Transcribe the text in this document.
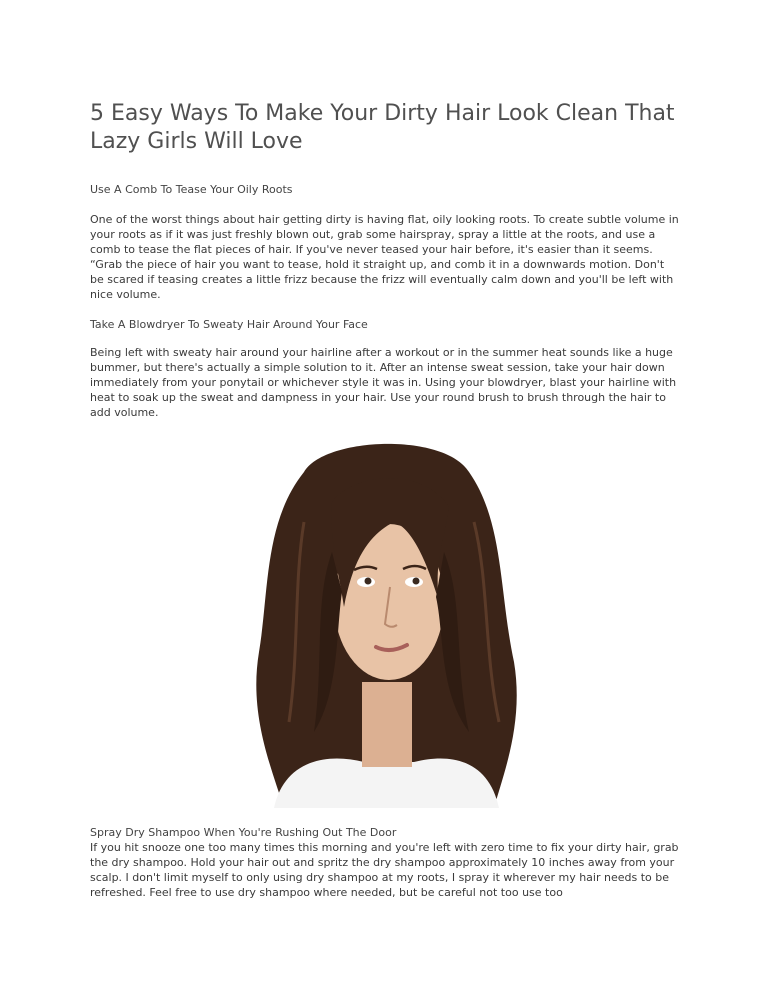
5 Easy Ways To Make Your Dirty Hair Look Clean That Lazy Girls Will Love

Use A Comb To Tease Your Oily Roots

One of the worst things about hair getting dirty is having flat, oily looking roots. To create subtle volume in your roots as if it was just freshly blown out, grab some hairspray, spray a little at the roots, and use a comb to tease the flat pieces of hair. If you've never teased your hair before, it's easier than it seems. “Grab the piece of hair you want to tease, hold it straight up, and comb it in a downwards motion. Don't be scared if teasing creates a little frizz because the frizz will eventually calm down and you'll be left with nice volume.

Take A Blowdryer To Sweaty Hair Around Your Face

Being left with sweaty hair around your hairline after a workout or in the summer heat sounds like a huge bummer, but there's actually a simple solution to it. After an intense sweat session, take your hair down immediately from your ponytail or whichever style it was in. Using your blowdryer, blast your hairline with heat to soak up the sweat and dampness in your hair. Use your round brush to brush through the hair to add volume.

Spray Dry Shampoo When You're Rushing Out The Door

If you hit snooze one too many times this morning and you're left with zero time to fix your dirty hair, grab the dry shampoo. Hold your hair out and spritz the dry shampoo approximately 10 inches away from your scalp. I don't limit myself to only using dry shampoo at my roots, I spray it wherever my hair needs to be refreshed. Feel free to use dry shampoo where needed, but be careful not too use too
